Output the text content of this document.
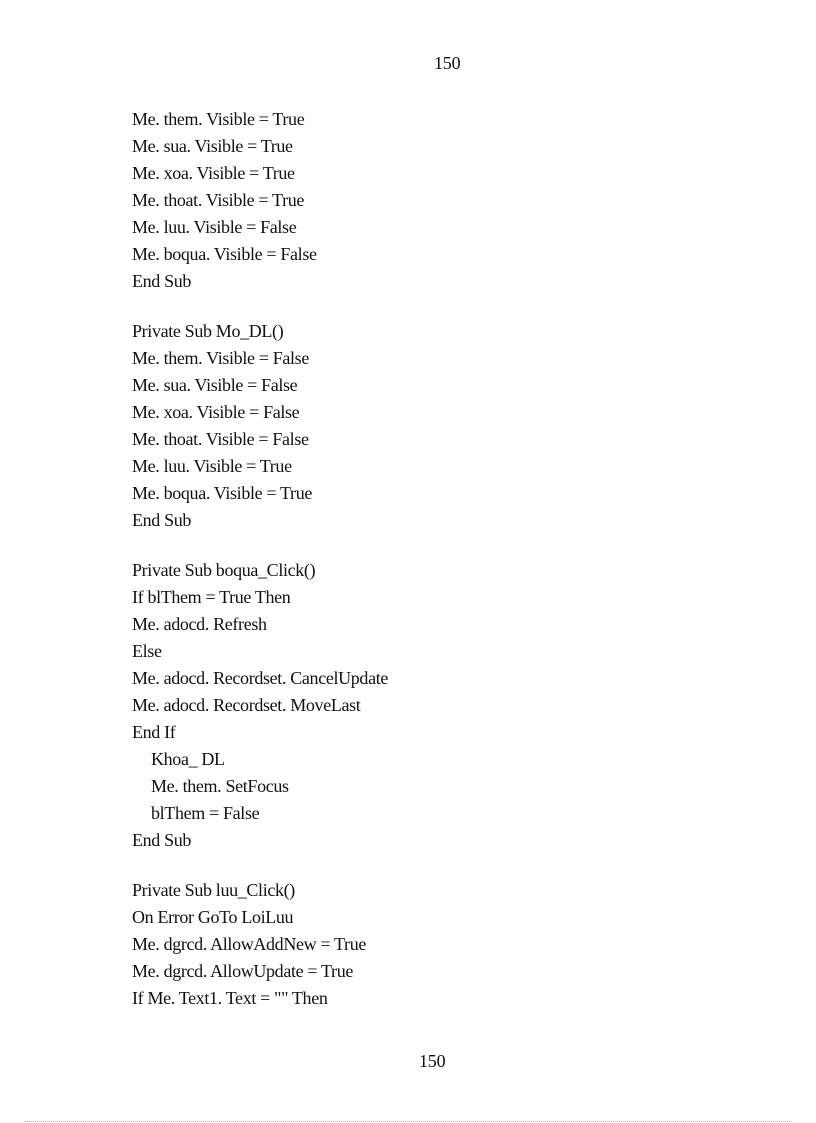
150
Me. them. Visible = True
Me. sua. Visible = True
Me. xoa. Visible = True
Me. thoat. Visible = True
Me. luu. Visible = False
Me. boqua. Visible = False
End Sub
Private Sub Mo_DL()
Me. them. Visible = False
Me. sua. Visible = False
Me. xoa. Visible = False
Me. thoat. Visible = False
Me. luu. Visible = True
Me. boqua. Visible = True
End Sub
Private Sub boqua_Click()
If blThem = True Then
Me. adocd. Refresh
Else
Me. adocd. Recordset. CancelUpdate
Me. adocd. Recordset. MoveLast
End If
Khoa_ DL
Me. them. SetFocus
blThem = False
End Sub
Private Sub luu_Click()
On Error GoTo LoiLuu
Me. dgrcd. AllowAddNew = True
Me. dgrcd. AllowUpdate = True
If Me. Text1. Text = "" Then
150
